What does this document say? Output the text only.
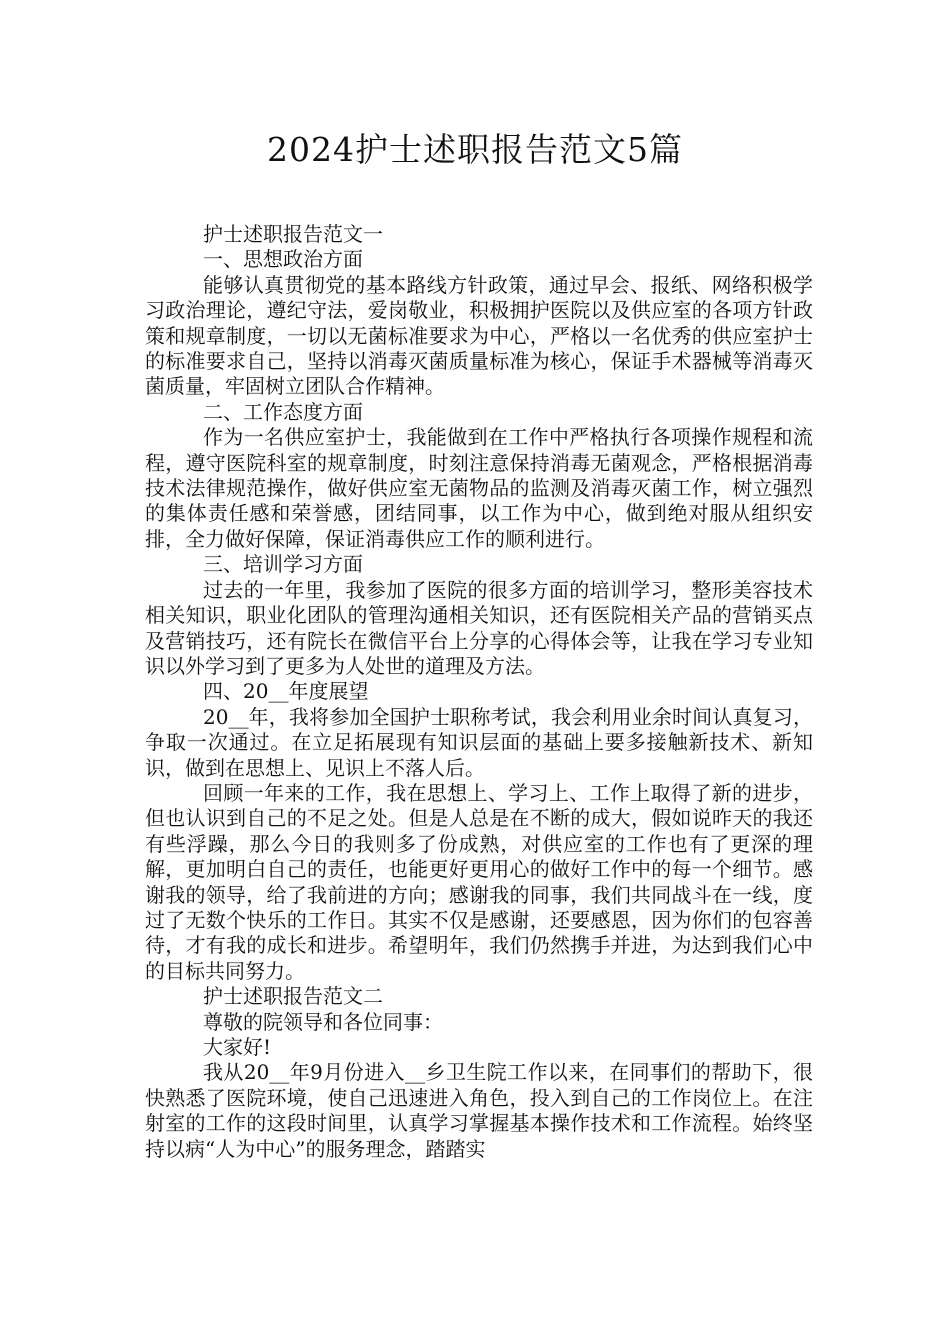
2024护士述职报告范文5篇

护士述职报告范文一

一、思想政治方面

能够认真贯彻党的基本路线方针政策，通过早会、报纸、网络积极学习政治理论，遵纪守法，爱岗敬业，积极拥护医院以及供应室的各项方针政策和规章制度，一切以无菌标准要求为中心，严格以一名优秀的供应室护士的标准要求自己，坚持以消毒灭菌质量标准为核心，保证手术器械等消毒灭菌质量，牢固树立团队合作精神。

二、工作态度方面

作为一名供应室护士，我能做到在工作中严格执行各项操作规程和流程，遵守医院科室的规章制度，时刻注意保持消毒无菌观念，严格根据消毒技术法律规范操作，做好供应室无菌物品的监测及消毒灭菌工作，树立强烈的集体责任感和荣誉感，团结同事，以工作为中心，做到绝对服从组织安排，全力做好保障，保证消毒供应工作的顺利进行。

三、培训学习方面

过去的一年里，我参加了医院的很多方面的培训学习，整形美容技术相关知识，职业化团队的管理沟通相关知识，还有医院相关产品的营销买点及营销技巧，还有院长在微信平台上分享的心得体会等，让我在学习专业知识以外学习到了更多为人处世的道理及方法。

四、20__年度展望

20__年，我将参加全国护士职称考试，我会利用业余时间认真复习，争取一次通过。在立足拓展现有知识层面的基础上要多接触新技术、新知识，做到在思想上、见识上不落人后。

回顾一年来的工作，我在思想上、学习上、工作上取得了新的进步，但也认识到自己的不足之处。但是人总是在不断的成大，假如说昨天的我还有些浮躁，那么今日的我则多了份成熟，对供应室的工作也有了更深的理解，更加明白自己的责任，也能更好更用心的做好工作中的每一个细节。感谢我的领导，给了我前进的方向；感谢我的同事，我们共同战斗在一线，度过了无数个快乐的工作日。其实不仅是感谢，还要感恩，因为你们的包容善待，才有我的成长和进步。希望明年，我们仍然携手并进，为达到我们心中的目标共同努力。

护士述职报告范文二

尊敬的院领导和各位同事：

大家好!

我从20__年9月份进入__乡卫生院工作以来，在同事们的帮助下，很快熟悉了医院环境，使自己迅速进入角色，投入到自己的工作岗位上。在注射室的工作的这段时间里，认真学习掌握基本操作技术和工作流程。始终坚持以病“人为中心”的服务理念，踏踏实
